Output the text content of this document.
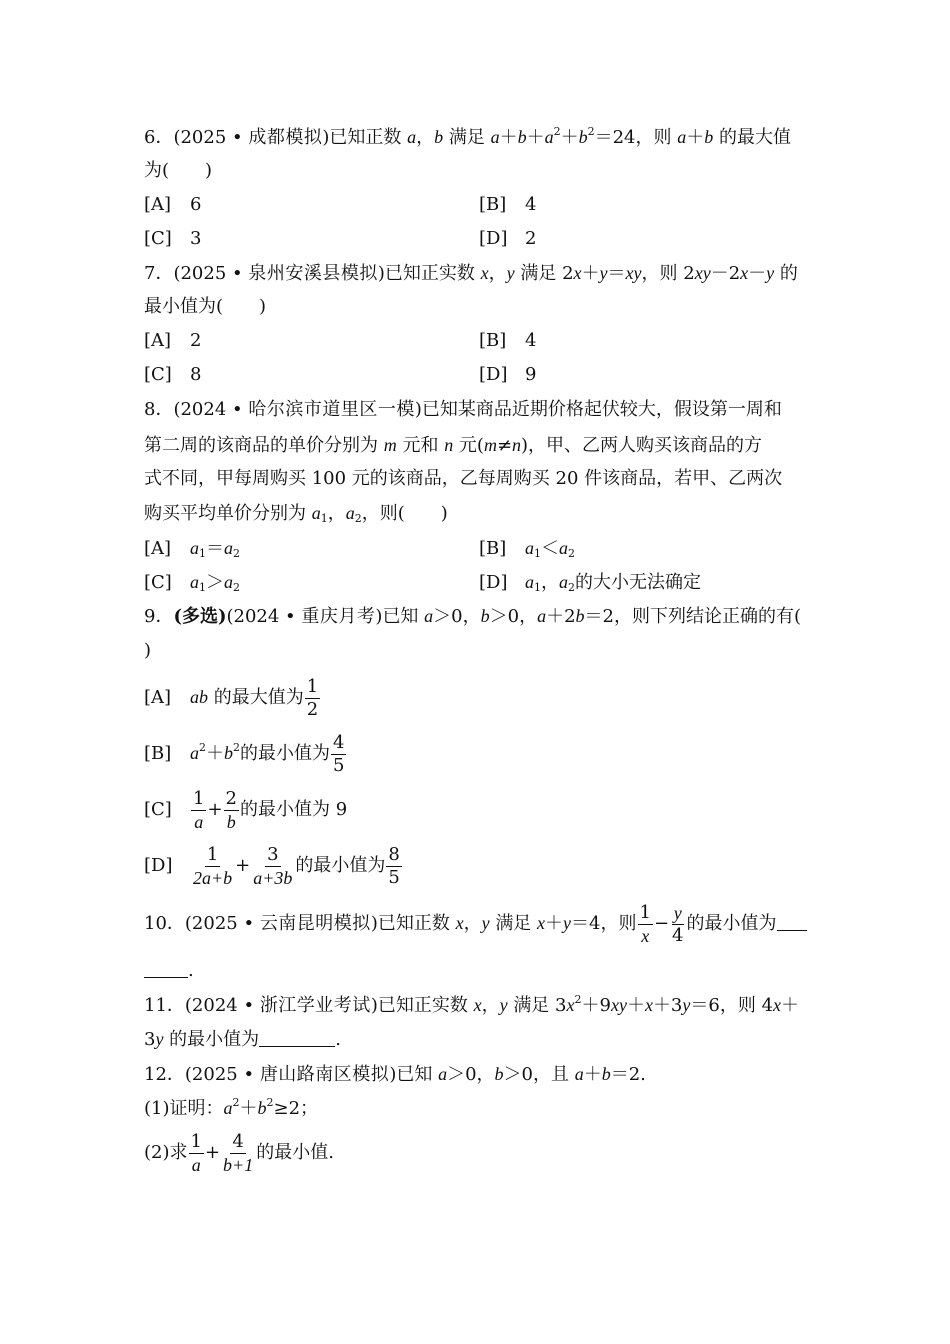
6．(2025 • 成都模拟)已知正数 a，b 满足 $a+b+a^2+b^2=24$，则 a＋b 的最大值
为(　　)
[A] 6	[B] 4
[C] 3	[D] 2
7．(2025 • 泉州安溪县模拟)已知正实数 x，y 满足 2x＋y＝xy，则 2xy－2x－y 的
最小值为(　　)
[A] 2	[B] 4
[C] 8	[D] 9
8．(2024 • 哈尔滨市道里区一模)已知某商品近期价格起伏较大，假设第一周和
第二周的该商品的单价分别为 m 元和 n 元(m≠n)，甲、乙两人购买该商品的方
式不同，甲每周购买 100 元的该商品，乙每周购买 20 件该商品，若甲、乙两次
购买平均单价分别为 $a_1$，$a_2$，则(　　)
[A] $a_1=a_2$	[B] $a_1<a_2$
[C] $a_1>a_2$	[D] $a_1$，$a_2$的大小无法确定
9．(多选)(2024 • 重庆月考)已知 a＞0，b＞0，a＋2b＝2，则下列结论正确的有(
)
[A] ab 的最大值为 $\frac{1}{2}$
[B] $a^2+b^2$的最小值为 $\frac{4}{5}$
$[C] \frac{1}{a} + \frac{2}{b}$ 的最小值为 9
$[D] \frac{1}{2a+b} + \frac{3}{a+3b}$ 的最小值为 $\frac{8}{5}$
10．(2025 • 云南昆明模拟)已知正数 x，y 满足 x＋y＝4，则 $\frac{1}{x} - \frac{y}{4}$ 的最小值为
.
11．(2024 • 浙江学业考试)已知正实数 x，y 满足 $3x^2+9xy+x+3y=6$，则 4x＋
3y 的最小值为	.
12．(2025 • 唐山路南区模拟)已知 a＞0，b＞0，且 a＋b＝2.
(1)证明：$a^2+b^2\ge 2$；
(2)求 $\frac{1}{a} + \frac{4}{b+1}$ 的最小值.
